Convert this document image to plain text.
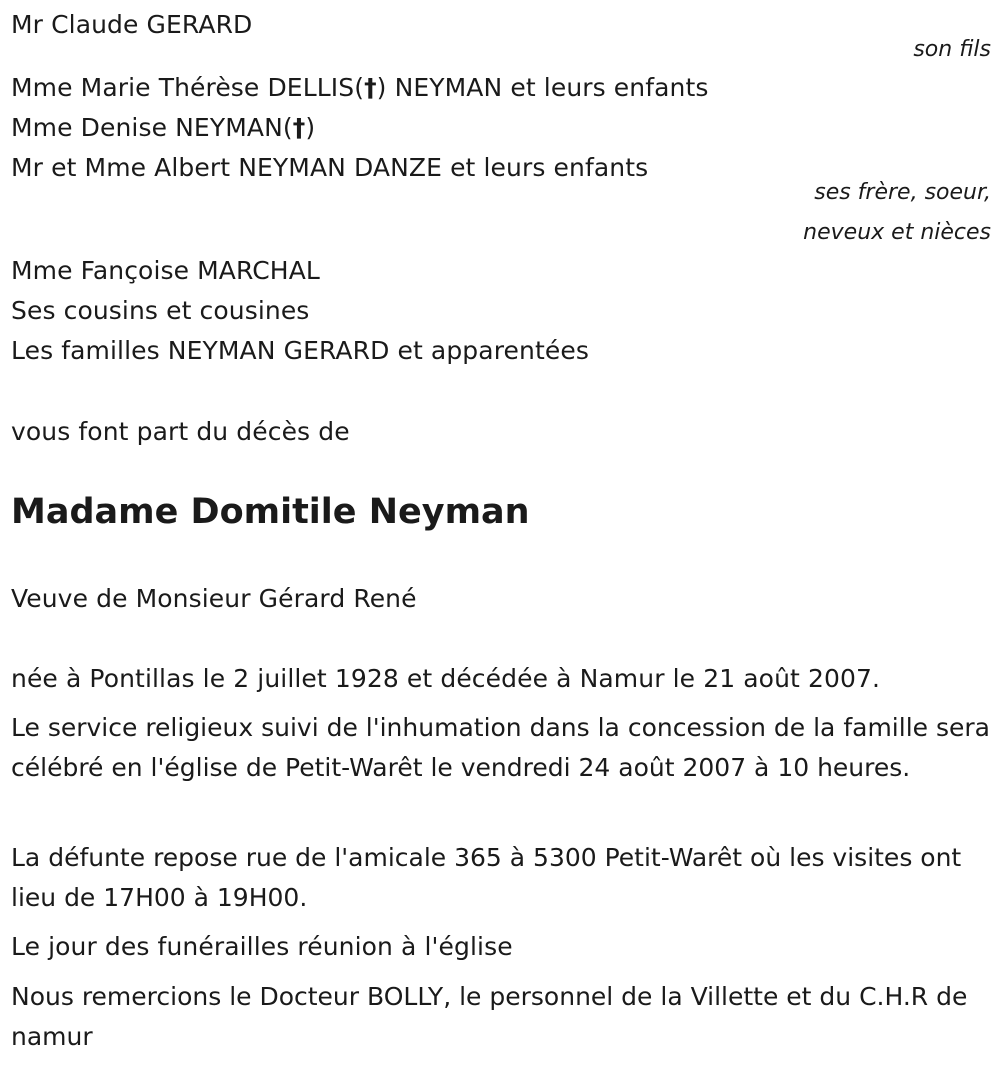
Mr Claude GERARD
son fils
Mme Marie Thérèse DELLIS(†) NEYMAN et leurs enfants
Mme Denise NEYMAN(†)
Mr et Mme Albert NEYMAN DANZE et leurs enfants
ses frère, soeur,
neveux et nièces
Mme Fançoise MARCHAL
Ses cousins et cousines
Les familles NEYMAN GERARD et apparentées
vous font part du décès de
Madame Domitile Neyman
Veuve de Monsieur Gérard René
née à Pontillas le 2 juillet 1928 et décédée à Namur le 21 août 2007.
Le service religieux suivi de l'inhumation dans la concession de la famille sera célébré en l'église de Petit-Warêt le vendredi 24 août 2007 à 10 heures.
La défunte repose rue de l'amicale 365 à 5300 Petit-Warêt où les visites ont lieu de 17H00 à 19H00.
Le jour des funérailles réunion à l'église
Nous remercions le Docteur BOLLY, le personnel de la Villette et du C.H.R de namur
